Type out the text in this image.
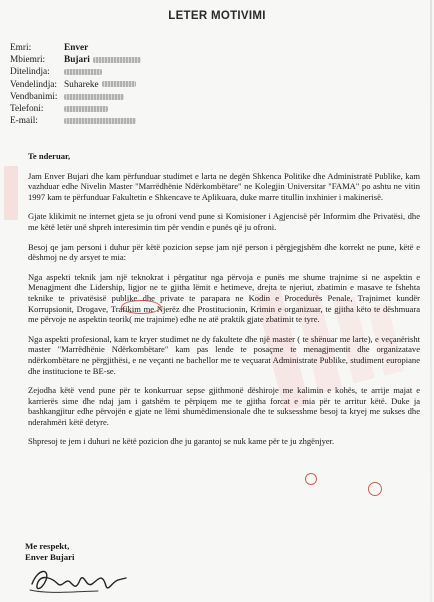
LETER MOTIVIMI
Emri:	Enver
Mbiemri: Bujari
Ditelindja:
Vendelindja: Suhareke
Vendbanimi:
Telefoni:
E-mail:
Te nderuar,

Jam Enver Bujari dhe kam përfunduar studimet e larta ne degën Shkenca Politike dhe Administratë Publike, kam vazhduar edhe Nivelin Master "Marrëdhënie Ndërkombëtare" ne Kolegjin Universitar "FAMA" po ashtu ne vitin 1997 kam te përfunduar Fakultetin e Shkencave te Aplikuara, duke marre titullin inxhinier i makinerisë.

Gjate klikimit ne internet gjeta se ju ofroni vend pune si Komisioner i Agjencisë për Informim dhe Privatësi, dhe me këtë letër unë shpreh interesimin tim për vendin e punës që ju ofroni.

Besoj qe jam personi i duhur për këtë pozicion sepse jam një person i përgjegjshëm dhe korrekt ne pune, këtë e dëshmoj ne dy arsyet te mia:

Nga aspekti teknik jam një teknokrat i përgatitur nga përvoja e punës me shume trajnime si ne aspektin e Menagjment dhe Lidership, ligjor ne te gjitha lëmit e hetimeve, drejta te njeriut, zbatimin e masave te fshehta teknike te privatësisë publike dhe private te parapara ne Kodin e Procedurës Penale, Trajnimet kundër Korrupsionit, Drogave, Trafikim me Njerëz dhe Prostitucionin, Krimin e organizuar, te gjitha këto te dëshmuara me përvoje ne aspektin teorik( me trajnime) edhe ne atë praktik gjate zbatimit te tyre.

Nga aspekti profesional, kam te kryer studimet ne dy fakultete dhe një master ( te shënuar me larte), e veçanërisht master "Marrëdhënie Ndërkombëtare" kam pas lende te posaçme te menagjmentit dhe organizatave ndërkombëtare ne përgjithësi, e ne veçanti ne bachellor me te veçuarat Administrate Publike, studiment europiane dhe institucione te BE-se.

Zejodha këtë vend pune për te konkurruar sepse gjithmonë dëshiroje me kalimin e kohës, te arrije majat e karrierës sime dhe ndaj jam i gatshëm te përpiqem me te gjitha forcat e mia për te arritur këtë. Duke ja bashkangjitur edhe përvojën e gjate ne lëmi shumëdimensionale dhe te suksesshme besoj ta kryej me sukses dhe nderahmëri këtë detyre.

Shpresoj te jem i duhuri ne këtë pozicion dhe ju garantoj se nuk kame për te ju zhgënjyer.

Me respekt,
Enver Bujari
